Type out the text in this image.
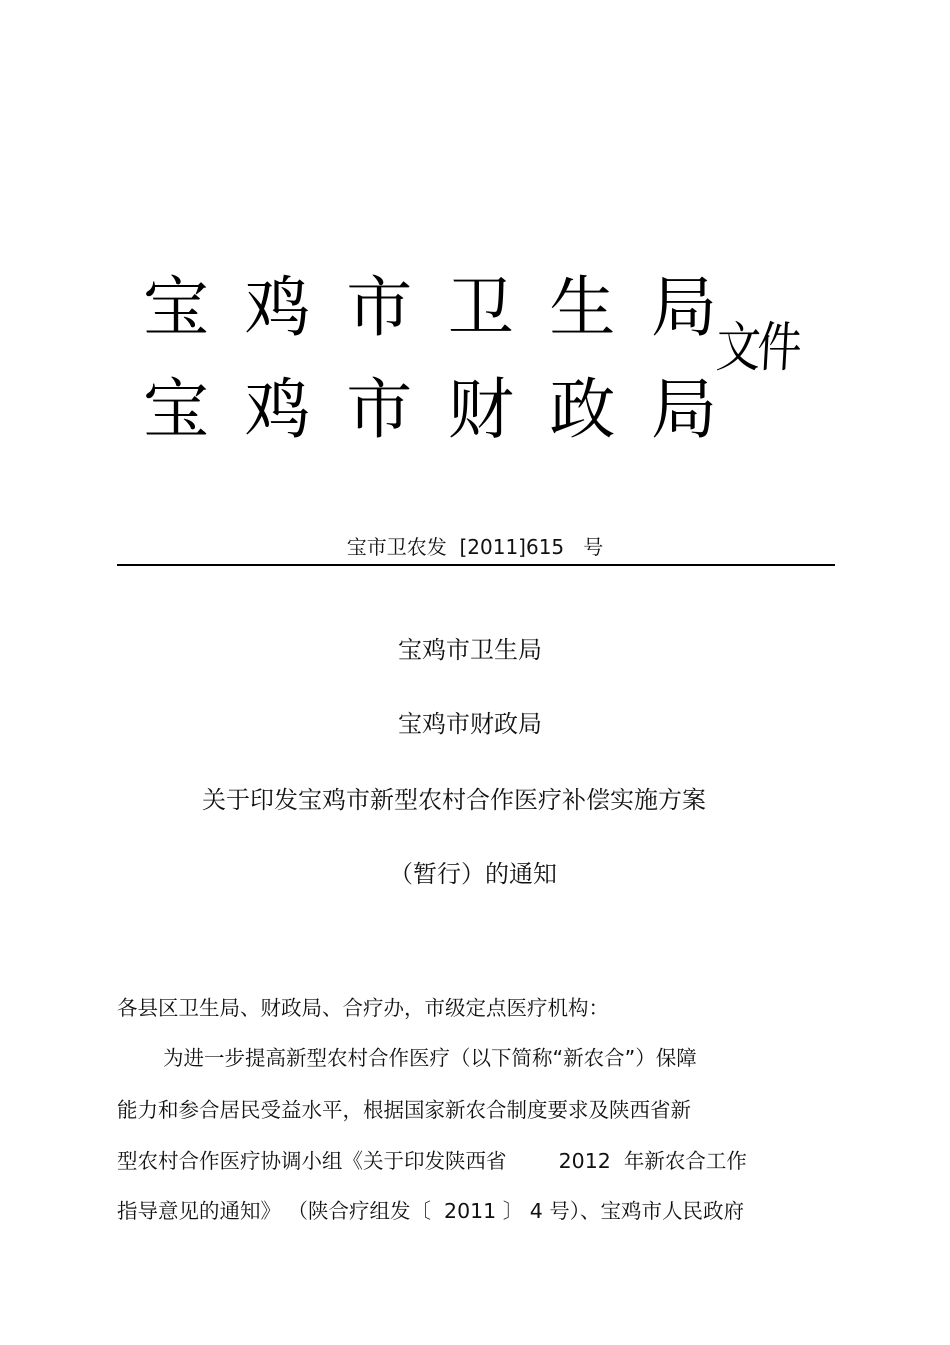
宝 鸡 市 卫 生 局
宝 鸡 市 财 政 局
文件
宝市卫农发  [2011]615   号
宝鸡市卫生局
宝鸡市财政局
关于印发宝鸡市新型农村合作医疗补偿实施方案
（暂行）的通知
各县区卫生局、财政局、合疗办，市级定点医疗机构：
为进一步提高新型农村合作医疗（以下简称“新农合”）保障
能力和参合居民受益水平，根据国家新农合制度要求及陕西省新
型农村合作医疗协调小组《关于印发陕西省        2012  年新农合工作
指导意见的通知》 （陕合疗组发〔  2011 〕 4 号）、宝鸡市人民政府
